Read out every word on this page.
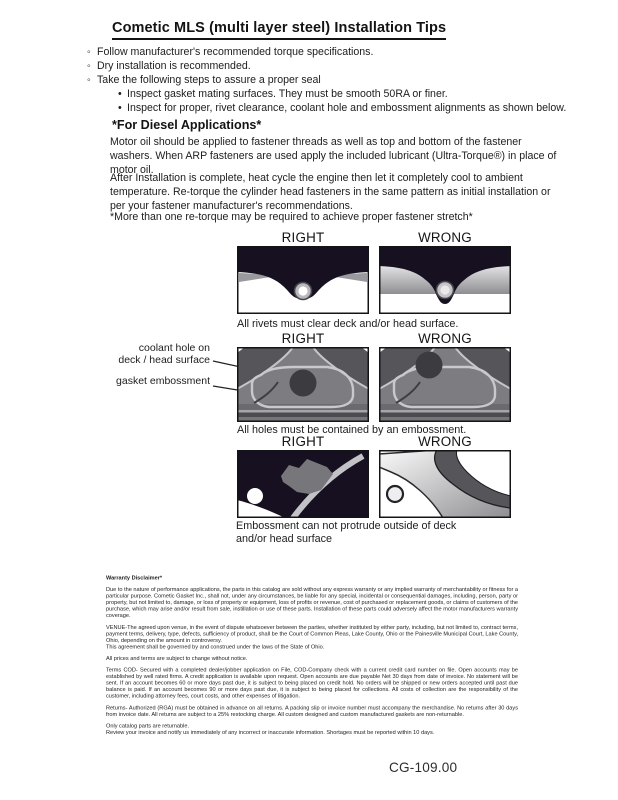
Cometic MLS (multi layer steel) Installation Tips
◦ Follow manufacturer's recommended torque specifications.
◦ Dry installation is recommended.
◦ Take the following steps to assure a proper seal
• Inspect gasket mating surfaces. They must be smooth 50RA or finer.
• Inspect for proper, rivet clearance, coolant hole and embossment alignments as shown below.
*For Diesel Applications*
Motor oil should be applied to fastener threads as well as top and bottom of the fastener washers. When ARP fasteners are used apply the included lubricant (Ultra-Torque®) in place of motor oil.
After Installation is complete, heat cycle the engine then let it completely cool to ambient temperature. Re-torque the cylinder head fasteners in the same pattern as initial installation or per your fastener manufacturer's recommendations.
*More than one re-torque may be required to achieve proper fastener stretch*
RIGHT	WRONG
All rivets must clear deck and/or head surface.
RIGHT	WRONG
coolant hole on
deck / head surface
gasket embossment
All holes must be contained by an embossment.
RIGHT	WRONG
Embossment can not protrude outside of deck
and/or head surface

Warranty Disclaimer*

Due to the nature of performance applications, the parts in this catalog are sold without any express warranty or any implied warranty of merchantability or fitness for a particular purpose. Cometic Gasket Inc., shall not, under any circumstances, be liable for any special, incidental or consequential damages, including, person, party or property, but not limited to, damage, or loss of property or equipment, loss of profits or revenue, cost of purchased or replacement goods, or claims of customers of the purchase, which may arise and/or result from sale, instillation or use of these parts. Installation of these parts could adversely affect the motor manufacturers warranty coverage.

VENUE-The agreed upon venue, in the event of dispute whatsoever between the parties, whether instituted by either party, including, but not limited to, contract terms, payment terms, delivery, type, defects, sufficiency of product, shall be the Court of Common Pleas, Lake County, Ohio or the Painesville Municipal Court, Lake County, Ohio, depending on the amount in controversy.
This agreement shall be governed by and construed under the laws of the State of Ohio.

All prices and terms are subject to change without notice.

Terms COD- Secured with a completed dealer/jobber application on File, COD-Company check with a current credit card number on file. Open accounts may be established by well rated firms. A credit application is available upon request. Open accounts are due payable Net 30 days from date of invoice. No statement will be sent. If an account becomes 60 or more days past due, it is subject to being placed on credit hold. No orders will be shipped or new orders accepted until past due balance is paid. If an account becomes 90 or more days past due, it is subject to being placed for collections. All costs of collection are the responsibility of the customer, including attorney fees, court costs, and other expenses of litigation.

Returns- Authorized (RGA) must be obtained in advance on all returns. A packing slip or invoice number must accompany the merchandise. No returns after 30 days from invoice date. All returns are subject to a 25% restocking charge. All custom designed and custom manufactured gaskets are non-returnable.

Only catalog parts are returnable.
Review your invoice and notify us immediately of any incorrect or inaccurate information. Shortages must be reported within 10 days.

CG-109.00
